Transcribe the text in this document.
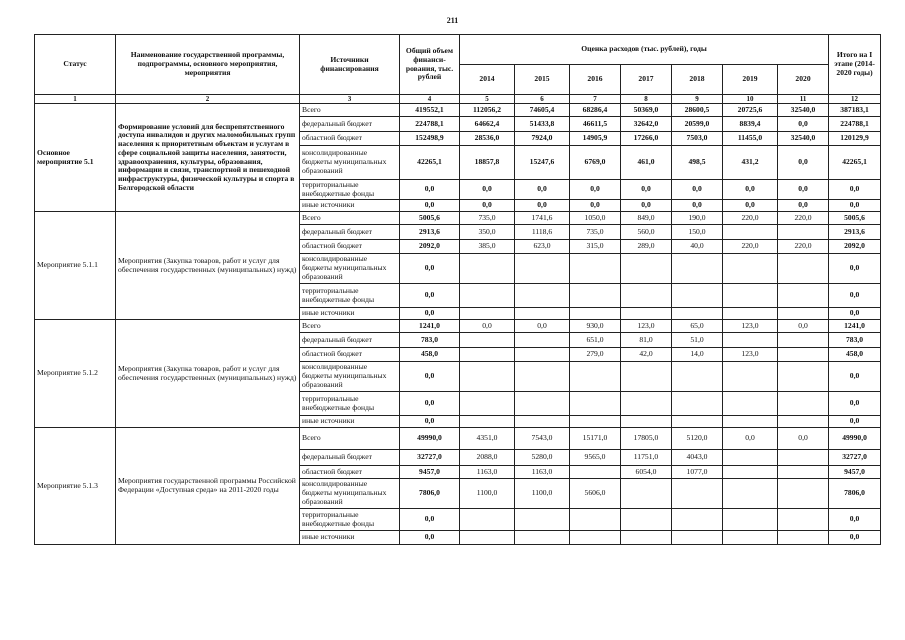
211
Статус	Наименование государственной программы, подпрограммы, основного мероприятия, мероприятия	Источники финансирования	Общий объем финанси-рования, тыс. рублей	Оценка расходов (тыс. рублей), годы							Итого на I этапе (2014-2020 годы)
				2014	2015	2016	2017	2018	2019	2020	
1	2	3	4	5	6	7	8	9	10	11	12
Основное мероприятие 5.1	Формирование условий для беспрепятственного доступа инвалидов и других маломобильных групп населения к приоритетным объектам и услугам в сфере социальной защиты населения, занятости, здравоохранения, культуры, образования, информации и связи, транспортной и пешеходной инфраструктуры, физической культуры и спорта в Белгородской области	Всего	419552,1	112056,2	74605,4	68286,4	50369,0	28600,5	20725,6	32540,0	387183,1
		федеральный бюджет	224788,1	64662,4	51433,8	46611,5	32642,0	20599,0	8839,4	0,0	224788,1
		областной бюджет	152498,9	28536,0	7924,0	14905,9	17266,0	7503,0	11455,0	32540,0	120129,9
		консолидированные бюджеты муниципальных образований	42265,1	18857,8	15247,6	6769,0	461,0	498,5	431,2	0,0	42265,1
		территориальные внебюджетные фонды	0,0	0,0	0,0	0,0	0,0	0,0	0,0	0,0	0,0
		иные источники	0,0	0,0	0,0	0,0	0,0	0,0	0,0	0,0	0,0
Мероприятие 5.1.1	Мероприятия (Закупка товаров, работ и услуг для обеспечения государственных (муниципальных) нужд)	Всего	5005,6	735,0	1741,6	1050,0	849,0	190,0	220,0	220,0	5005,6
		федеральный бюджет	2913,6	350,0	1118,6	735,0	560,0	150,0			2913,6
		областной бюджет	2092,0	385,0	623,0	315,0	289,0	40,0	220,0	220,0	2092,0
		консолидированные бюджеты муниципальных образований	0,0								0,0
		территориальные внебюджетные фонды	0,0								0,0
		иные источники	0,0								0,0
Мероприятие 5.1.2	Мероприятия (Закупка товаров, работ и услуг для обеспечения государственных (муниципальных) нужд)	Всего	1241,0	0,0	0,0	930,0	123,0	65,0	123,0	0,0	1241,0
		федеральный бюджет	783,0			651,0	81,0	51,0			783,0
		областной бюджет	458,0			279,0	42,0	14,0	123,0		458,0
		консолидированные бюджеты муниципальных образований	0,0								0,0
		территориальные внебюджетные фонды	0,0								0,0
		иные источники	0,0								0,0
Мероприятие 5.1.3	Мероприятия государственной программы Российской Федерации «Доступная среда» на 2011-2020 годы	Всего	49990,0	4351,0	7543,0	15171,0	17805,0	5120,0	0,0	0,0	49990,0
		федеральный бюджет	32727,0	2088,0	5280,0	9565,0	11751,0	4043,0			32727,0
		областной бюджет	9457,0	1163,0	1163,0		6054,0	1077,0			9457,0
		консолидированные бюджеты муниципальных образований	7806,0	1100,0	1100,0	5606,0					7806,0
		территориальные внебюджетные фонды	0,0								0,0
		иные источники	0,0								0,0
